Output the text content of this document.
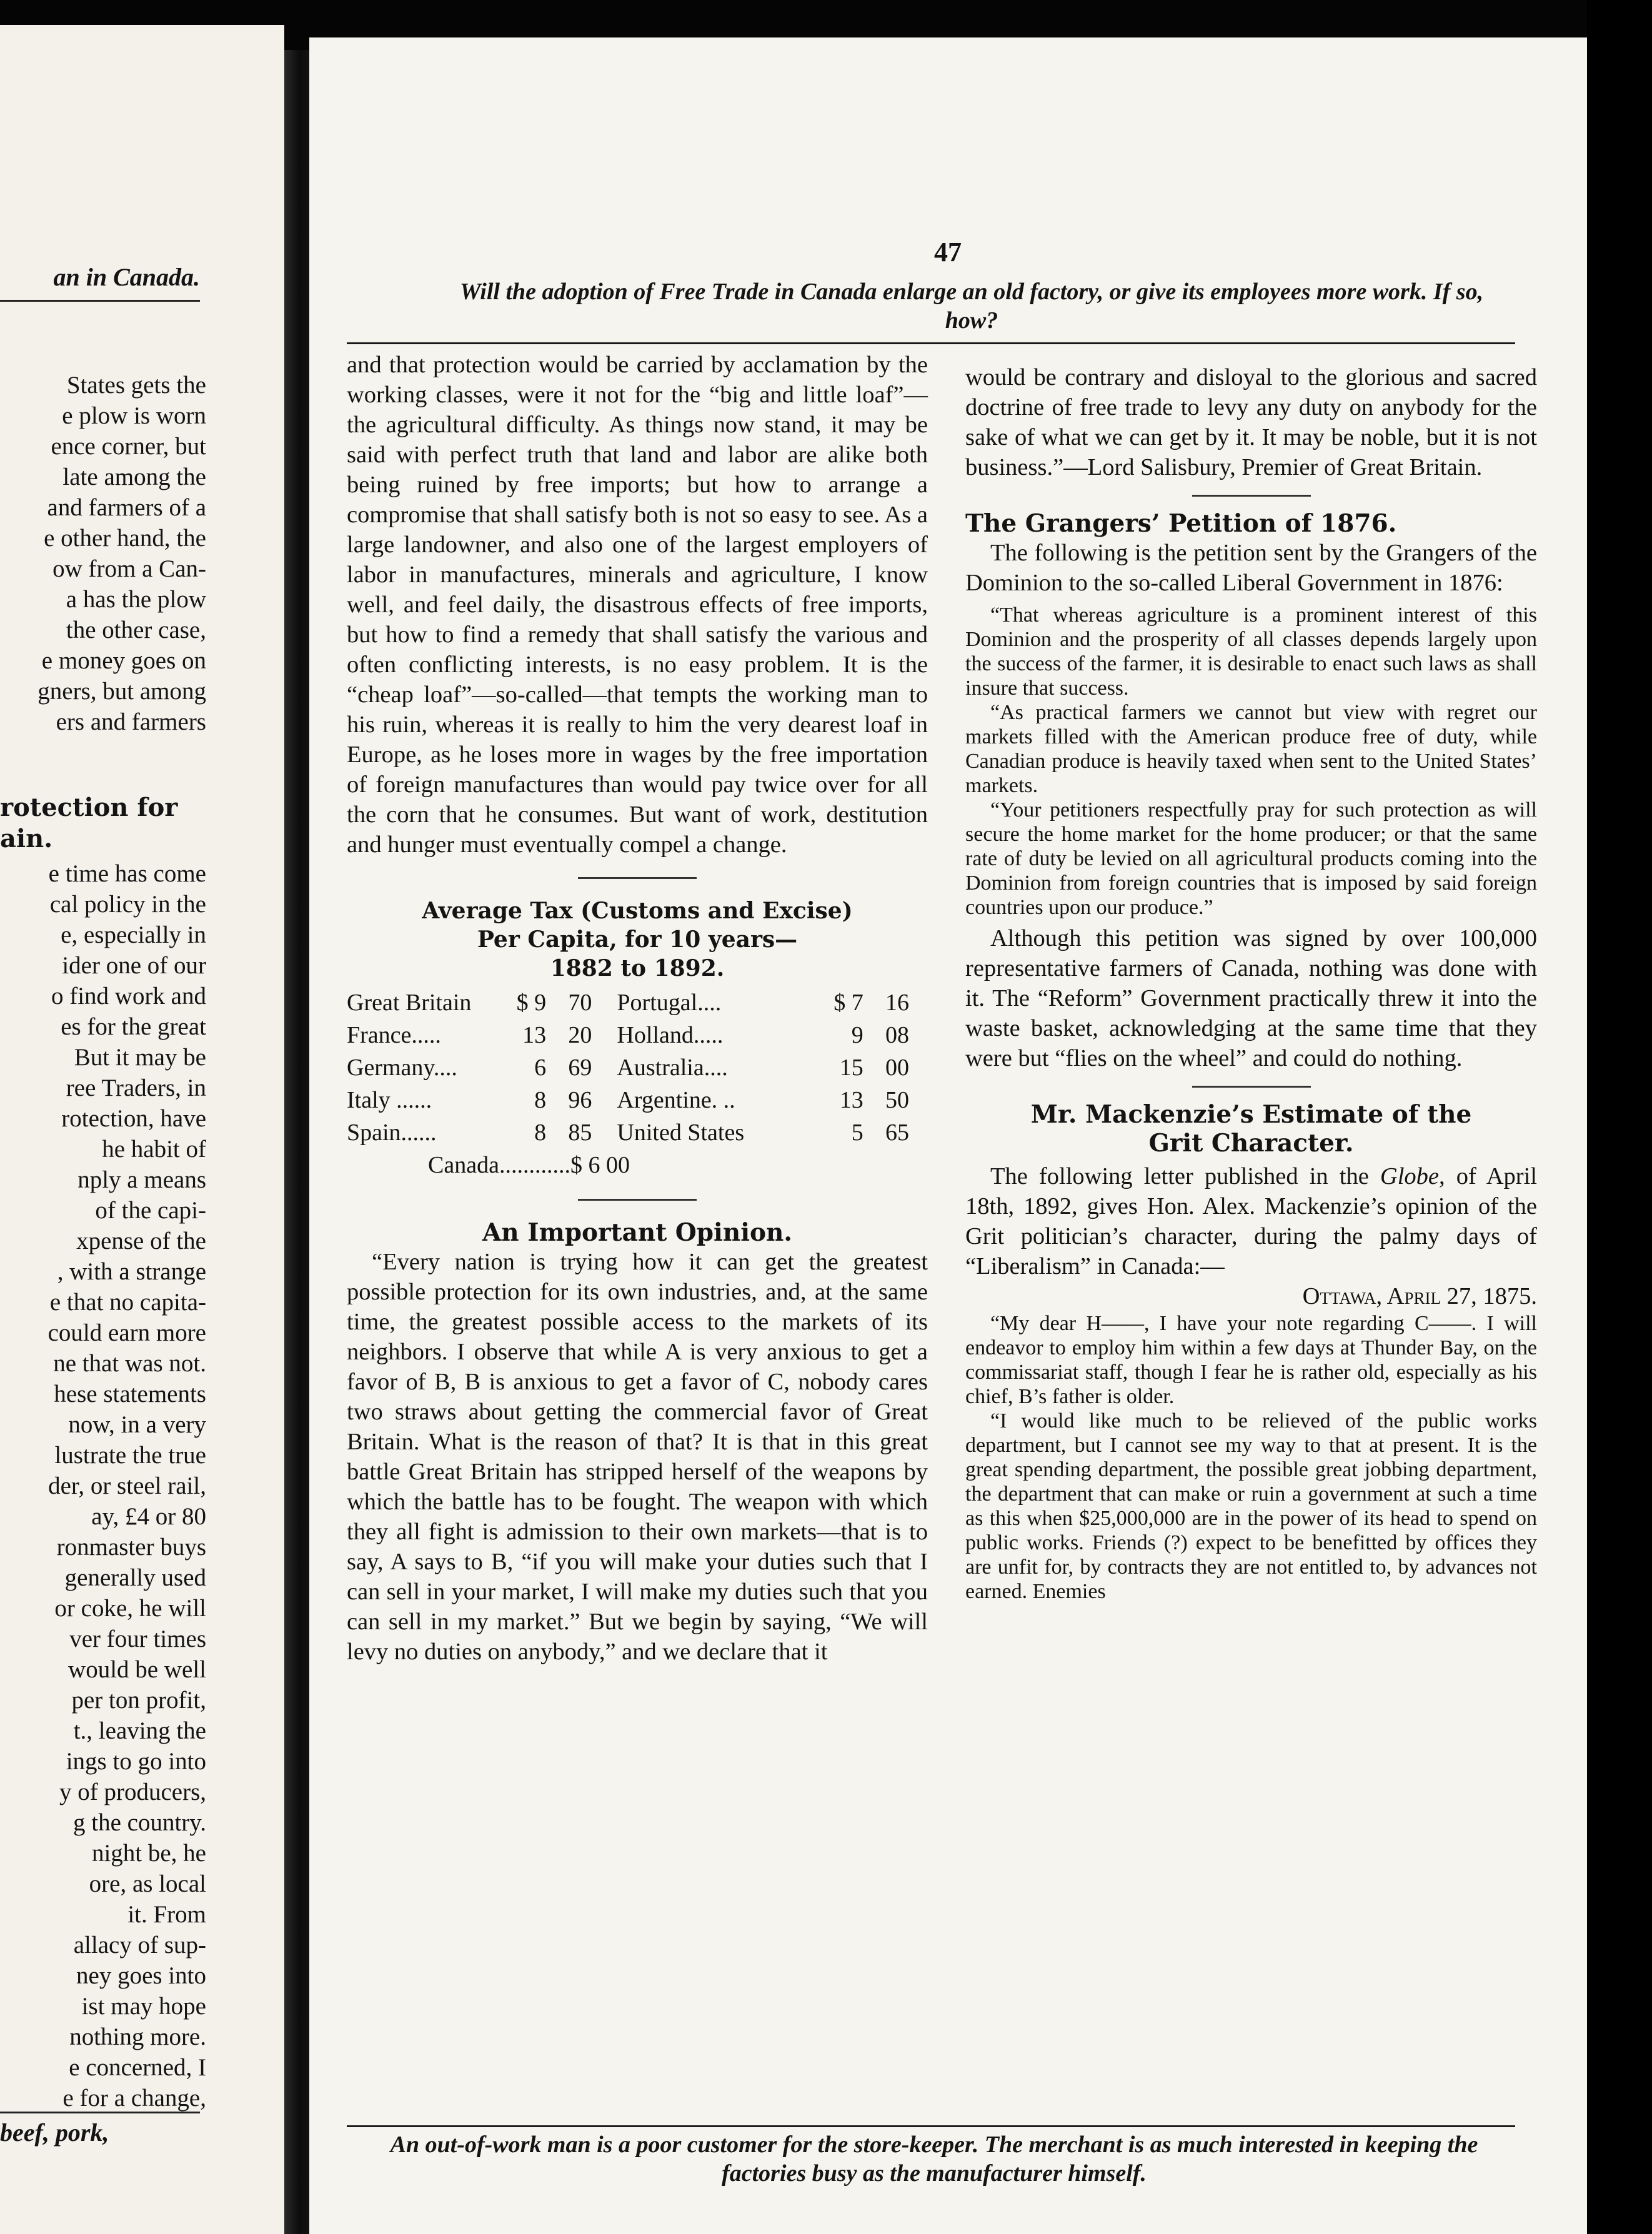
an in Canada.
States gets the
e plow is worn
ence corner, but
late among the
and farmers of a
e other hand, the
ow from a Can-
a has the plow
the other case,
e money goes on
gners, but among
ers and farmers
rotection for
ain.
e time has come
cal policy in the
e, especially in
ider one of our
o find work and
es for the great
But it may be
ree Traders, in
rotection, have
he habit of
nply a means
of the capi-
xpense of the
, with a strange
e that no capita-
could earn more
ne that was not.
hese statements
now, in a very
lustrate the true
der, or steel rail,
ay, £4 or 80
ronmaster buys
generally used
or coke, he will
ver four times
would be well
per ton profit,
t., leaving the
ings to go into
y of producers,
g the country.
night be, he
ore, as local
it. From
allacy of sup-
ney goes into
ist may hope
nothing more.
e concerned, I
e for a change,
beef, pork,
47
Will the adoption of Free Trade in Canada enlarge an old factory, or give its employees more work. If so, how?

and that protection would be carried by acclamation by the working classes, were it not for the “big and little loaf”—the agricultural difficulty. As things now stand, it may be said with perfect truth that land and labor are alike both being ruined by free imports; but how to arrange a compromise that shall satisfy both is not so easy to see. As a large landowner, and also one of the largest employers of labor in manufactures, minerals and agriculture, I know well, and feel daily, the disastrous effects of free imports, but how to find a remedy that shall satisfy the various and often conflicting interests, is no easy problem. It is the “cheap loaf”—so-called—that tempts the working man to his ruin, whereas it is really to him the very dearest loaf in Europe, as he loses more in wages by the free importation of foreign manufactures than would pay twice over for all the corn that he consumes. But want of work, destitution and hunger must eventually compel a change.

Average Tax (Customs and Excise)

Per Capita, for 10 years—

1882 to 1892.

Great Britain	$ 9	70	Portugal....	$ 7	16
France.....	13	20	Holland.....	9	08
Germany....	6	69	Australia....	15	00
Italy ......	8	96	Argentine. ..	13	50
Spain......	8	85	United States	5	65
Canada............$ 6 00

An Important Opinion.

“Every nation is trying how it can get the greatest possible protection for its own industries, and, at the same time, the greatest possible access to the markets of its neighbors. I observe that while A is very anxious to get a favor of B, B is anxious to get a favor of C, nobody cares two straws about getting the commercial favor of Great Britain. What is the reason of that? It is that in this great battle Great Britain has stripped herself of the weapons by which the battle has to be fought. The weapon with which they all fight is admission to their own markets—that is to say, A says to B, “if you will make your duties such that I can sell in your market, I will make my duties such that you can sell in my market.” But we begin by saying, “We will levy no duties on anybody,” and we declare that it

would be contrary and disloyal to the glorious and sacred doctrine of free trade to levy any duty on anybody for the sake of what we can get by it. It may be noble, but it is not business.”—Lord Salisbury, Premier of Great Britain.

The Grangers’ Petition of 1876.

The following is the petition sent by the Grangers of the Dominion to the so-called Liberal Government in 1876:

“That whereas agriculture is a prominent interest of this Dominion and the prosperity of all classes depends largely upon the success of the farmer, it is desirable to enact such laws as shall insure that success.

“As practical farmers we cannot but view with regret our markets filled with the American produce free of duty, while Canadian produce is heavily taxed when sent to the United States’ markets.

“Your petitioners respectfully pray for such protection as will secure the home market for the home producer; or that the same rate of duty be levied on all agricultural products coming into the Dominion from foreign countries that is imposed by said foreign countries upon our produce.”

Although this petition was signed by over 100,000 representative farmers of Canada, nothing was done with it. The “Reform” Government practically threw it into the waste basket, acknowledging at the same time that they were but “flies on the wheel” and could do nothing.

Mr. Mackenzie’s Estimate of the

Grit Character.

The following letter published in the Globe, of April 18th, 1892, gives Hon. Alex. Mackenzie’s opinion of the Grit politician’s character, during the palmy days of “Liberalism” in Canada:—

Ottawa, April 27, 1875.

“My dear H——, I have your note regarding C——. I will endeavor to employ him within a few days at Thunder Bay, on the commissariat staff, though I fear he is rather old, especially as his chief, B’s father is older.

“I would like much to be relieved of the public works department, but I cannot see my way to that at present. It is the great spending department, the possible great jobbing department, the department that can make or ruin a government at such a time as this when $25,000,000 are in the power of its head to spend on public works. Friends (?) expect to be benefitted by offices they are unfit for, by contracts they are not entitled to, by advances not earned. Enemies

An out-of-work man is a poor customer for the store-keeper. The merchant is as much interested in keeping the factories busy as the manufacturer himself.
